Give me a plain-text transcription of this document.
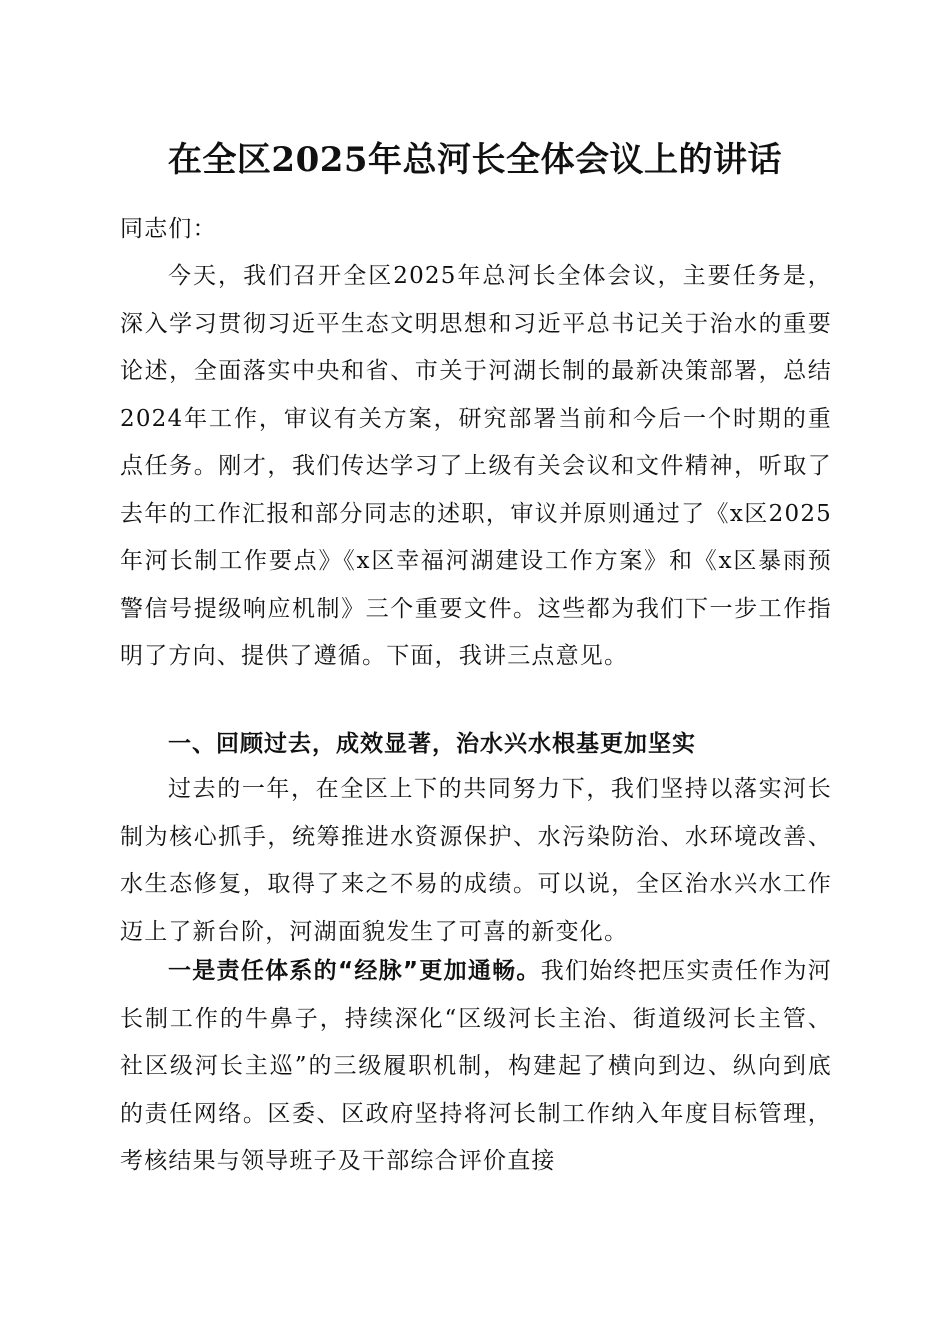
在全区2025年总河长全体会议上的讲话

同志们：

今天，我们召开全区2025年总河长全体会议，主要任务是，深入学习贯彻习近平生态文明思想和习近平总书记关于治水的重要论述，全面落实中央和省、市关于河湖长制的最新决策部署，总结2024年工作，审议有关方案，研究部署当前和今后一个时期的重点任务。刚才，我们传达学习了上级有关会议和文件精神，听取了去年的工作汇报和部分同志的述职，审议并原则通过了《x区2025年河长制工作要点》《x区幸福河湖建设工作方案》和《x区暴雨预警信号提级响应机制》三个重要文件。这些都为我们下一步工作指明了方向、提供了遵循。下面，我讲三点意见。

一、回顾过去，成效显著，治水兴水根基更加坚实

过去的一年，在全区上下的共同努力下，我们坚持以落实河长制为核心抓手，统筹推进水资源保护、水污染防治、水环境改善、水生态修复，取得了来之不易的成绩。可以说，全区治水兴水工作迈上了新台阶，河湖面貌发生了可喜的新变化。

一是责任体系的“经脉”更加通畅。我们始终把压实责任作为河长制工作的牛鼻子，持续深化“区级河长主治、街道级河长主管、社区级河长主巡”的三级履职机制，构建起了横向到边、纵向到底的责任网络。区委、区政府坚持将河长制工作纳入年度目标管理，考核结果与领导班子及干部综合评价直接
